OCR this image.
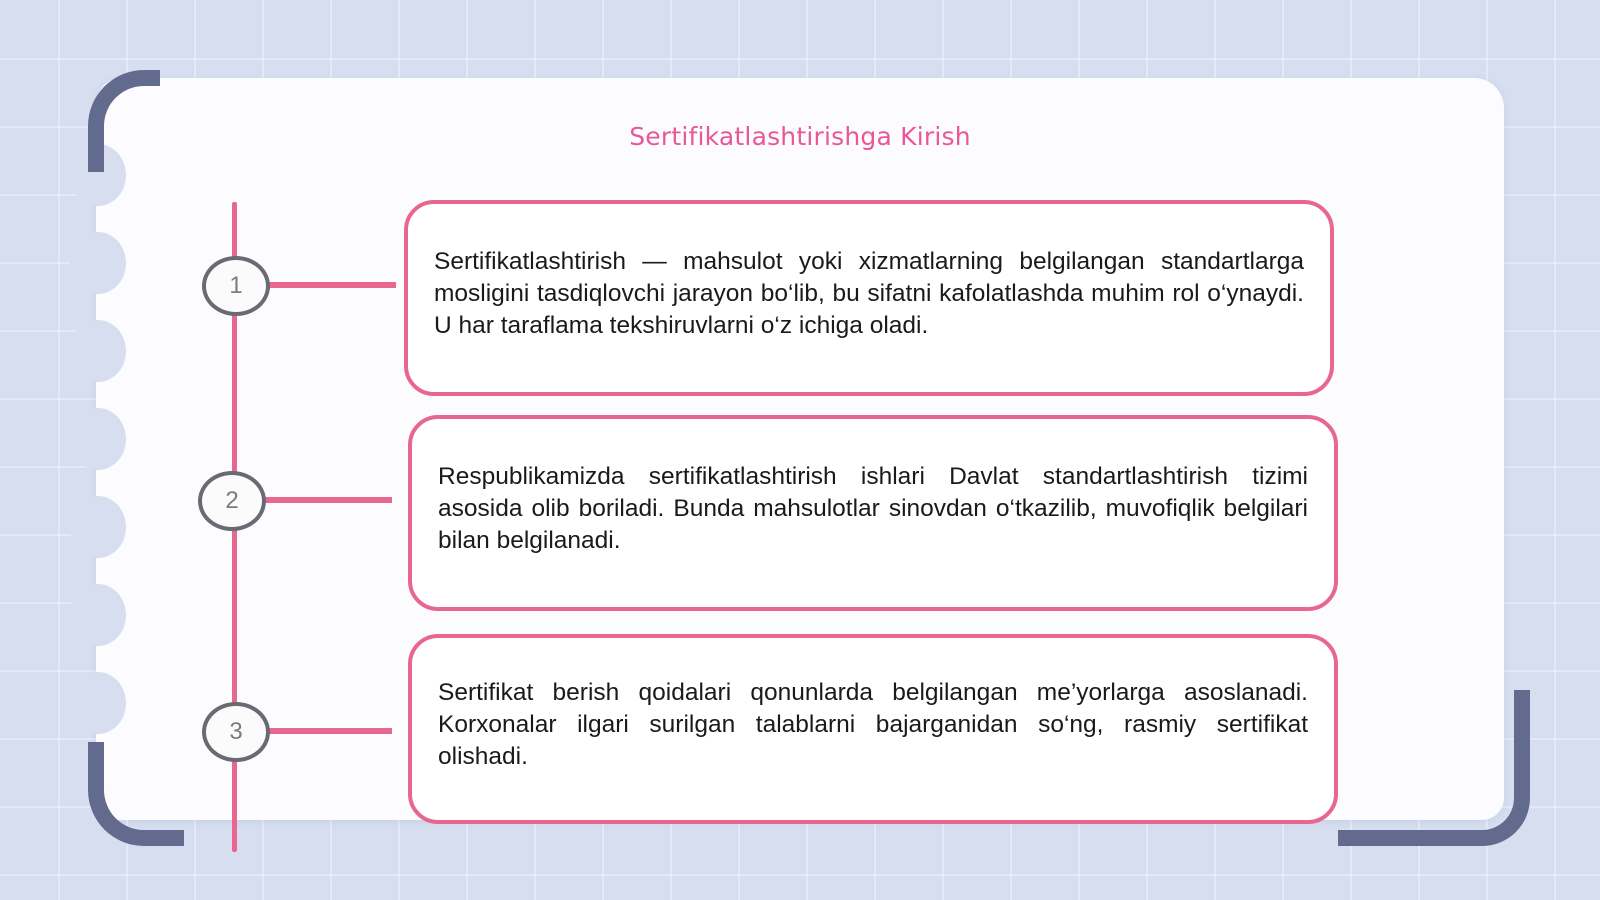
Sertifikatlashtirishga Kirish
1
Sertifikatlashtirish — mahsulot yoki xizmatlarning belgilangan standartlarga mosligini tasdiqlovchi jarayon bo‘lib, bu sifatni kafolatlashda muhim rol o‘ynaydi. U har taraflama tekshiruvlarni o‘z ichiga oladi.
2
Respublikamizda sertifikatlashtirish ishlari Davlat standartlashtirish tizimi asosida olib boriladi. Bunda mahsulotlar sinovdan o‘tkazilib, muvofiqlik belgilari bilan belgilanadi.
3
Sertifikat berish qoidalari qonunlarda belgilangan me’yorlarga asoslanadi. Korxonalar ilgari surilgan talablarni bajarganidan so‘ng, rasmiy sertifikat olishadi.
